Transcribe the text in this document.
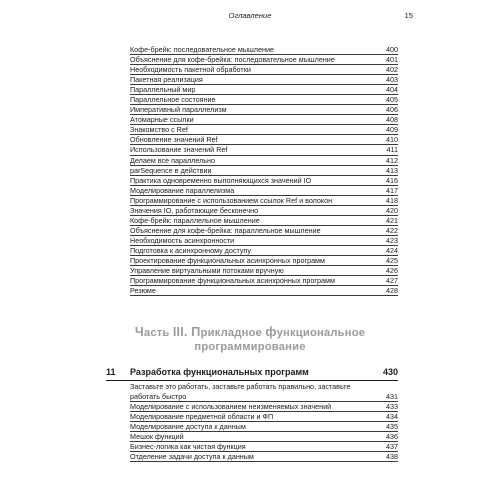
Оглавление	15
Кофе-брейк: последовательное мышление	400
Объяснение для кофе-брейка: последовательное мышление	401
Необходимость пакетной обработки	402
Пакетная реализация	403
Параллельный мир	404
Параллельное состояние	405
Императивный параллелизм	406
Атомарные ссылки	408
Знакомство с Ref	409
Обновление значений Ref	410
Использование значений Ref	411
Делаем все параллельно	412
parSequence в действии	413
Практика одновременно выполняющихся значений IO	416
Моделирование параллелизма	417
Программирование с использованием ссылок Ref и волокон	418
Значения IO, работающие бесконечно	420
Кофе-брейк: параллельное мышление	421
Объяснение для кофе-брейка: параллельное мышление	422
Необходимость асинхронности	423
Подготовка к асинхронному доступу	424
Проектирование функциональных асинхронных программ	425
Управление виртуальными потоками вручную	426
Программирование функциональных асинхронных программ	427
Резюме	428
Часть III. Прикладное функциональное
программирование
11 Разработка функциональных программ	430
Заставьте это работать, заставьте работать правильно, заставьте работать быстро	431
Моделирование с использованием неизменяемых значений	433
Моделирование предметной области и ФП	434
Моделирование доступа к данным	435
Мешок функций	436
Бизнес-логика как чистая функция	437
Отделение задачи доступа к данным	438
